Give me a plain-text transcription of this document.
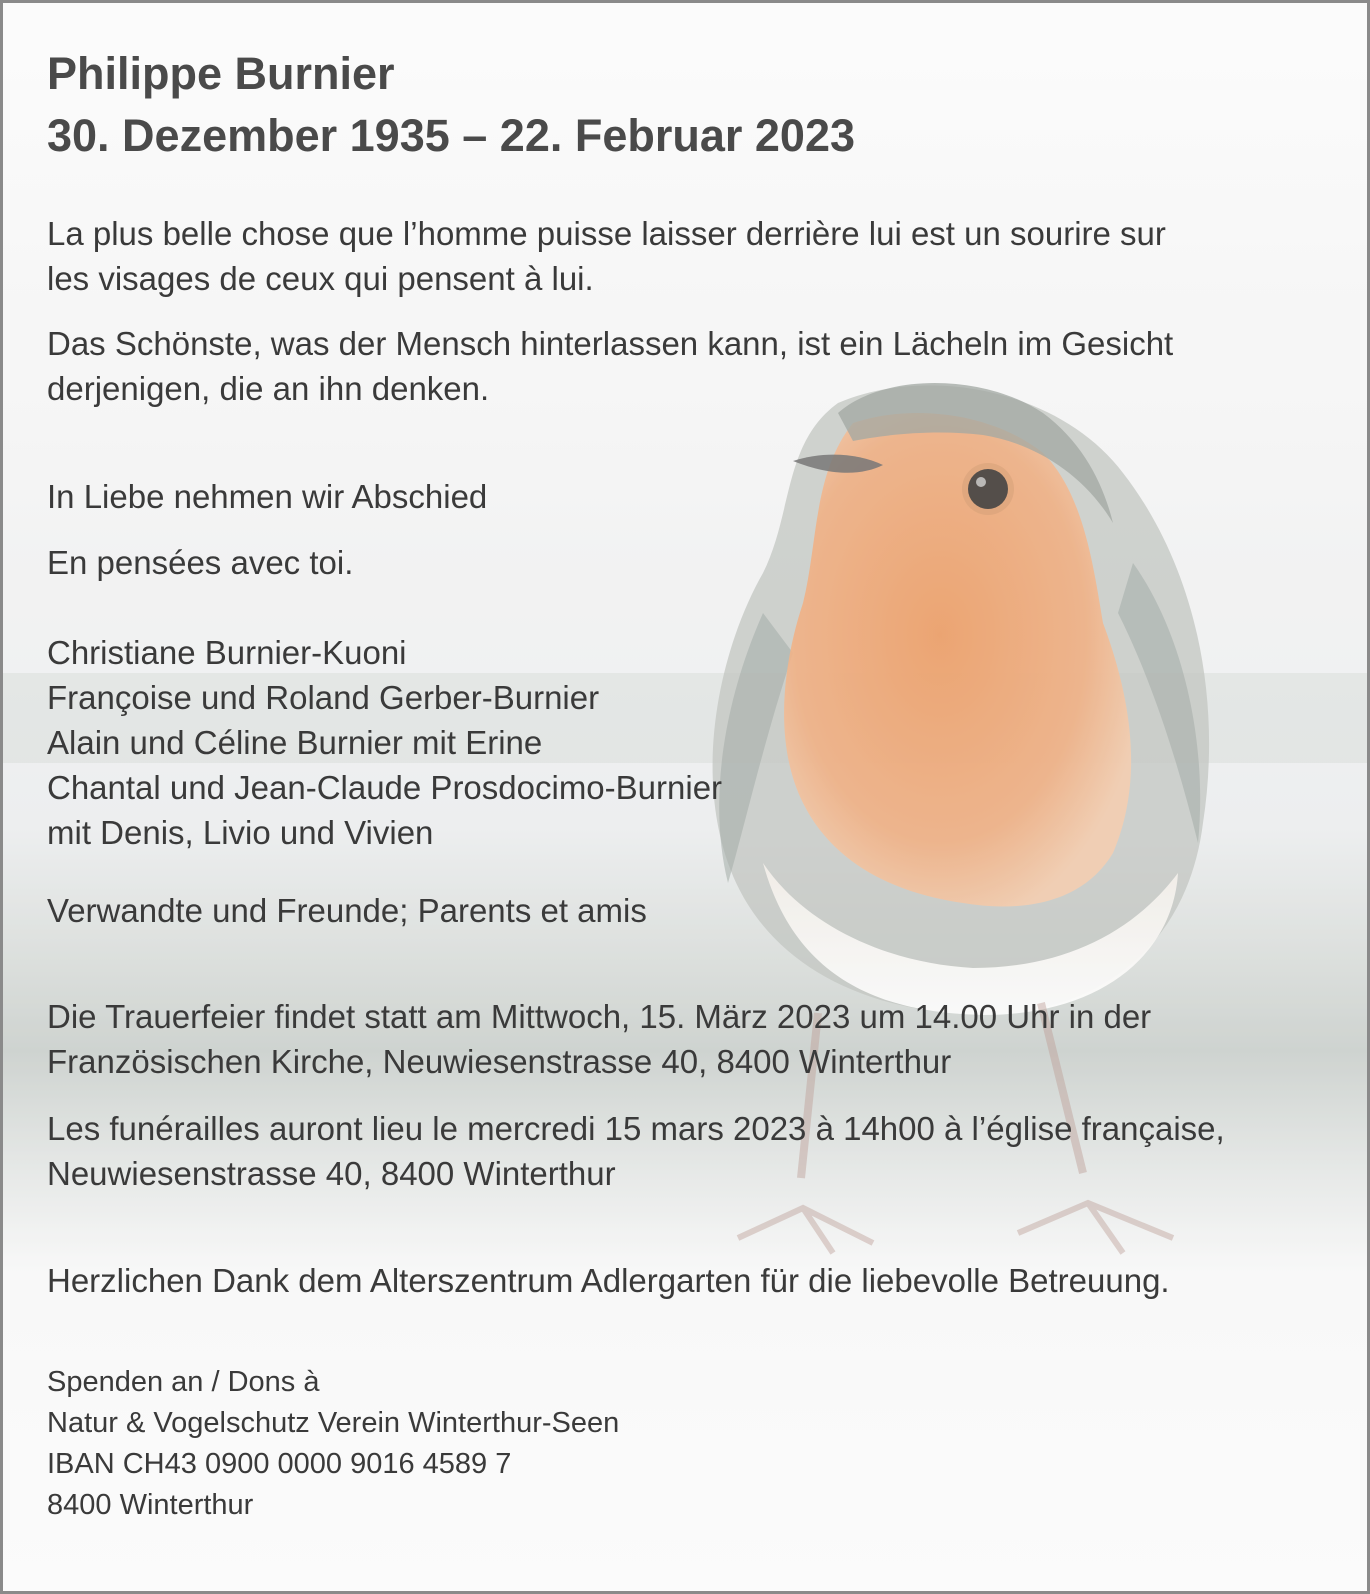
Philippe Burnier
30. Dezember 1935 – 22. Februar 2023
La plus belle chose que l’homme puisse laisser derrière lui est un sourire sur
les visages de ceux qui pensent à lui.
Das Schönste, was der Mensch hinterlassen kann, ist ein Lächeln im Gesicht
derjenigen, die an ihn denken.
In Liebe nehmen wir Abschied
En pensées avec toi.
Christiane Burnier-Kuoni
Françoise und Roland Gerber-Burnier
Alain und Céline Burnier mit Erine
Chantal und Jean-Claude Prosdocimo-Burnier
mit Denis, Livio und Vivien
Verwandte und Freunde; Parents et amis
Die Trauerfeier findet statt am Mittwoch, 15. März 2023 um 14.00 Uhr in der
Französischen Kirche, Neuwiesenstrasse 40, 8400 Winterthur
Les funérailles auront lieu le mercredi 15 mars 2023 à 14h00 à l’église française,
Neuwiesenstrasse 40, 8400 Winterthur
Herzlichen Dank dem Alterszentrum Adlergarten für die liebevolle Betreuung.
Spenden an / Dons à
Natur & Vogelschutz Verein Winterthur-Seen
IBAN CH43 0900 0000 9016 4589 7
8400 Winterthur
